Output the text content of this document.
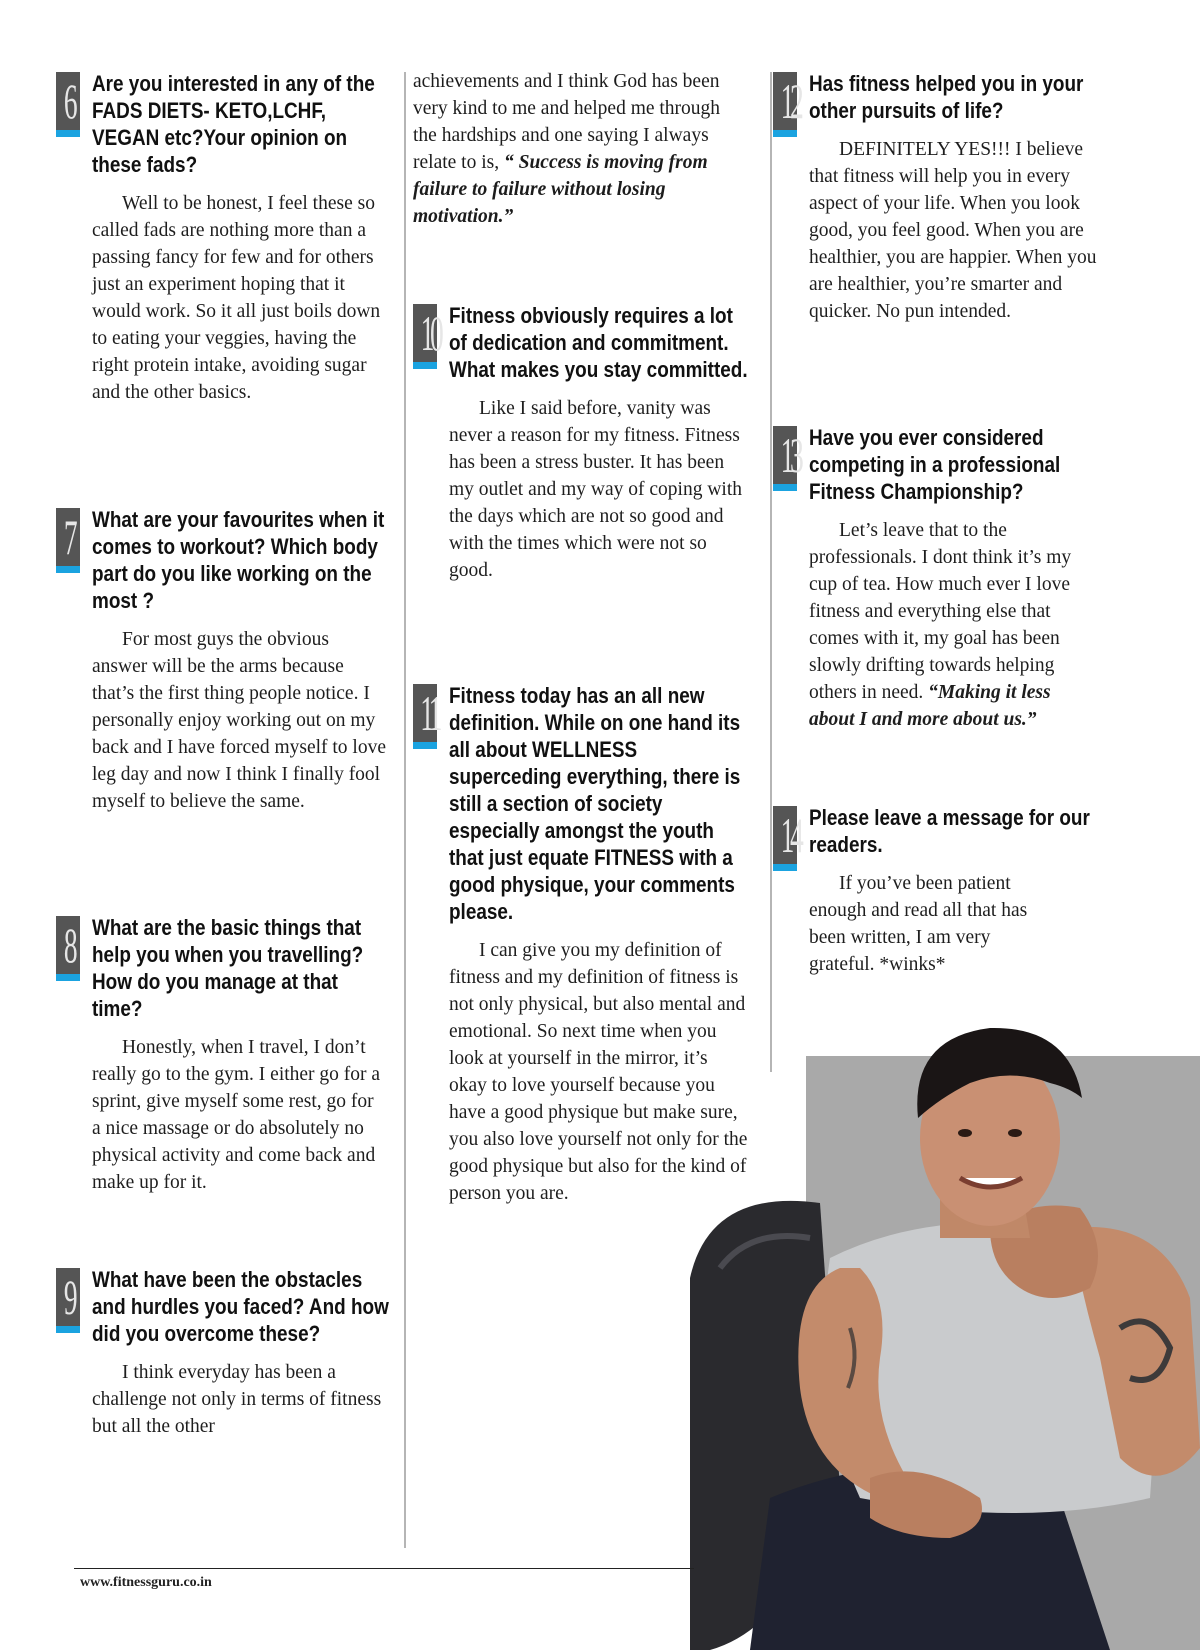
6 Are you interested in any of the FADS DIETS- KETO,LCHF, VEGAN etc?Your opinion on these fads?

Well to be honest, I feel these so called fads are nothing more than a passing fancy for few and for others just an experiment hoping that it would work. So it all just boils down to eating your veggies, having the right protein intake, avoiding sugar and the other basics.

7 What are your favourites when it comes to workout? Which body part do you like working on the most ?

For most guys the obvious answer will be the arms because that’s the first thing people notice. I personally enjoy working out on my back and I have forced myself to love leg day and now I think I finally fool myself to believe the same.

8 What are the basic things that help you when you travelling? How do you manage at that time?

Honestly, when I travel, I don’t really go to the gym. I either go for a sprint, give myself some rest, go for a nice massage or do absolutely no physical activity and come back and make up for it.

9 What have been the obstacles and hurdles you faced? And how did you overcome these?

I think everyday has been a challenge not only in terms of fitness but all the other

achievements and I think God has been very kind to me and helped me through the hardships and one saying I always relate to is, “ Success is moving from failure to failure without losing motivation.”

10 Fitness obviously requires a lot of dedication and commitment. What makes you stay committed.

Like I said before, vanity was never a reason for my fitness. Fitness has been a stress buster. It has been my outlet and my way of coping with the days which are not so good and with the times which were not so good.

11 Fitness today has an all new definition. While on one hand its all about WELLNESS superceding everything, there is still a section of society especially amongst the youth that just equate FITNESS with a good physique, your comments please.

I can give you my definition of fitness and my definition of fitness is not only physical, but also mental and emotional. So next time when you look at yourself in the mirror, it’s okay to love yourself because you have a good physique but make sure, you also love yourself not only for the good physique but also for the kind of person you are.

12 Has fitness helped you in your other pursuits of life?

DEFINITELY YES!!! I believe that fitness will help you in every aspect of your life. When you look good, you feel good. When you are healthier, you are happier. When you are healthier, you’re smarter and quicker. No pun intended.

13 Have you ever considered competing in a professional Fitness Championship?

Let’s leave that to the professionals. I dont think it’s my cup of tea. How much ever I love fitness and everything else that comes with it, my goal has been slowly drifting towards helping others in need. “Making it less about I and more about us.”

14 Please leave a message for our readers.

If you’ve been patient enough and read all that has been written, I am very grateful. *winks*

www.fitnessguru.co.in
